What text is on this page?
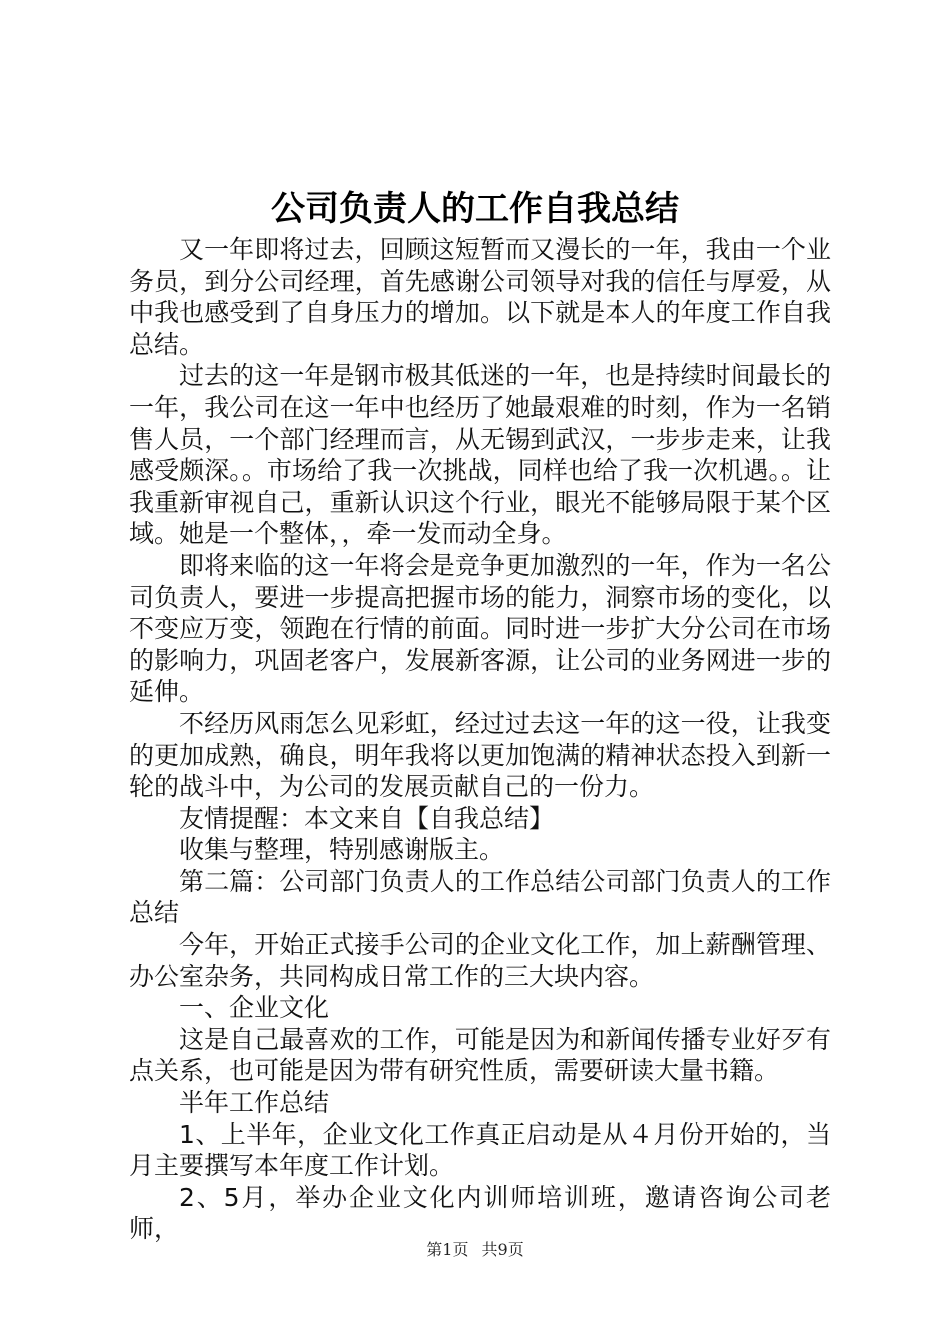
公司负责人的工作自我总结

又一年即将过去，回顾这短暂而又漫长的一年，我由一个业务员，到分公司经理，首先感谢公司领导对我的信任与厚爱，从中我也感受到了自身压力的增加。以下就是本人的年度工作自我总结。

过去的这一年是钢市极其低迷的一年，也是持续时间最长的一年，我公司在这一年中也经历了她最艰难的时刻，作为一名销售人员，一个部门经理而言，从无锡到武汉，一步步走来，让我感受颇深。。市场给了我一次挑战，同样也给了我一次机遇。。让我重新审视自己，重新认识这个行业，眼光不能够局限于某个区域。她是一个整体，，牵一发而动全身。

即将来临的这一年将会是竞争更加激烈的一年，作为一名公司负责人，要进一步提高把握市场的能力，洞察市场的变化，以不变应万变，领跑在行情的前面。同时进一步扩大分公司在市场的影响力，巩固老客户，发展新客源，让公司的业务网进一步的延伸。

不经历风雨怎么见彩虹，经过过去这一年的这一役，让我变的更加成熟，确良，明年我将以更加饱满的精神状态投入到新一轮的战斗中，为公司的发展贡献自己的一份力。

友情提醒：本文来自【自我总结】

收集与整理，特别感谢版主。

第二篇：公司部门负责人的工作总结公司部门负责人的工作总结

今年，开始正式接手公司的企业文化工作，加上薪酬管理、办公室杂务，共同构成日常工作的三大块内容。

一、企业文化

这是自己最喜欢的工作，可能是因为和新闻传播专业好歹有点关系，也可能是因为带有研究性质，需要研读大量书籍。

半年工作总结

1、上半年，企业文化工作真正启动是从４月份开始的，当月主要撰写本年度工作计划。

2、5月，举办企业文化内训师培训班，邀请咨询公司老师，

第1页 共9页
